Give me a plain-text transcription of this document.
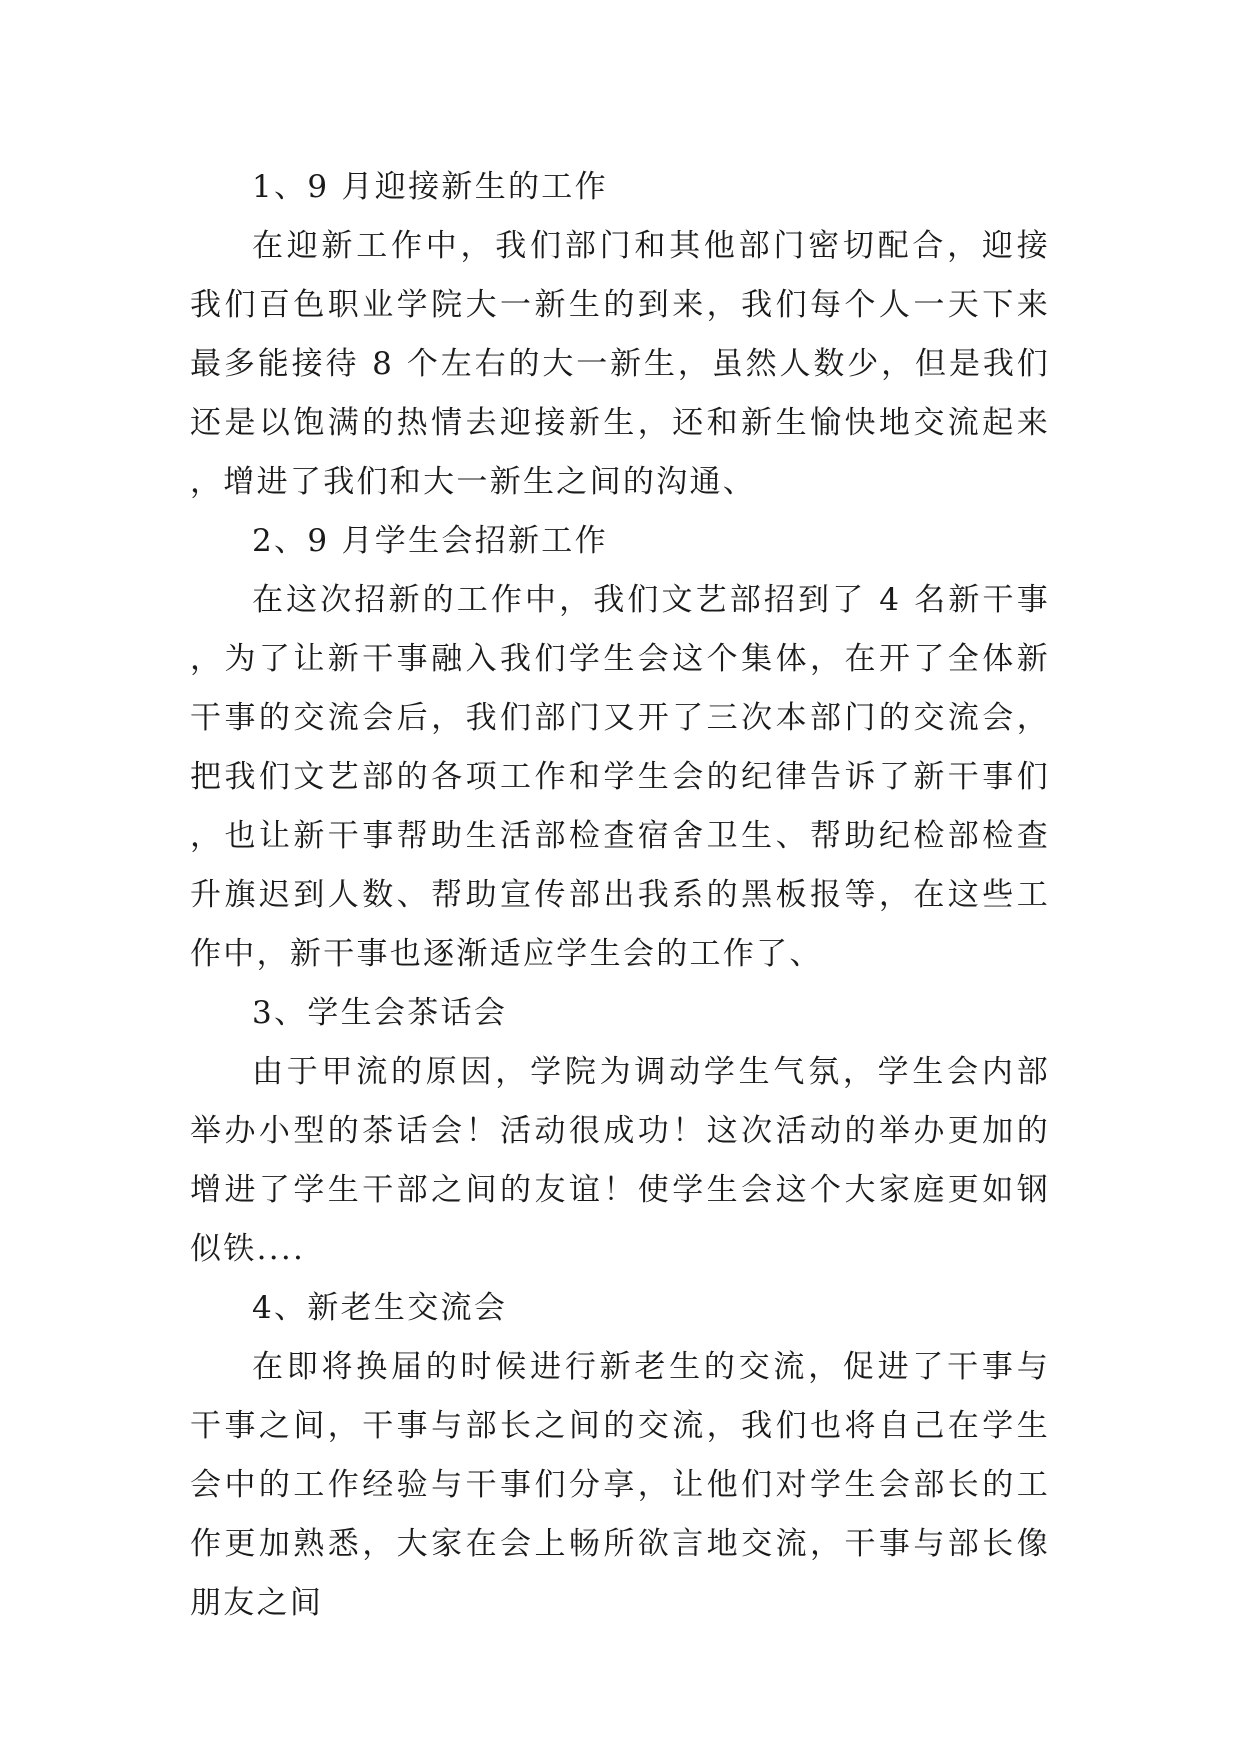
1、9 月迎接新生的工作

在迎新工作中，我们部门和其他部门密切配合，迎接我们百色职业学院大一新生的到来，我们每个人一天下来最多能接待 8 个左右的大一新生，虽然人数少，但是我们还是以饱满的热情去迎接新生，还和新生愉快地交流起来，增进了我们和大一新生之间的沟通、

2、9 月学生会招新工作

在这次招新的工作中，我们文艺部招到了 4 名新干事，为了让新干事融入我们学生会这个集体，在开了全体新干事的交流会后，我们部门又开了三次本部门的交流会，把我们文艺部的各项工作和学生会的纪律告诉了新干事们，也让新干事帮助生活部检查宿舍卫生、帮助纪检部检查升旗迟到人数、帮助宣传部出我系的黑板报等，在这些工作中，新干事也逐渐适应学生会的工作了、

3、学生会茶话会

由于甲流的原因，学院为调动学生气氛，学生会内部举办小型的茶话会！活动很成功！这次活动的举办更加的增进了学生干部之间的友谊！使学生会这个大家庭更如钢似铁....

4、新老生交流会

在即将换届的时候进行新老生的交流，促进了干事与干事之间，干事与部长之间的交流，我们也将自己在学生会中的工作经验与干事们分享，让他们对学生会部长的工作更加熟悉，大家在会上畅所欲言地交流，干事与部长像朋友之间
